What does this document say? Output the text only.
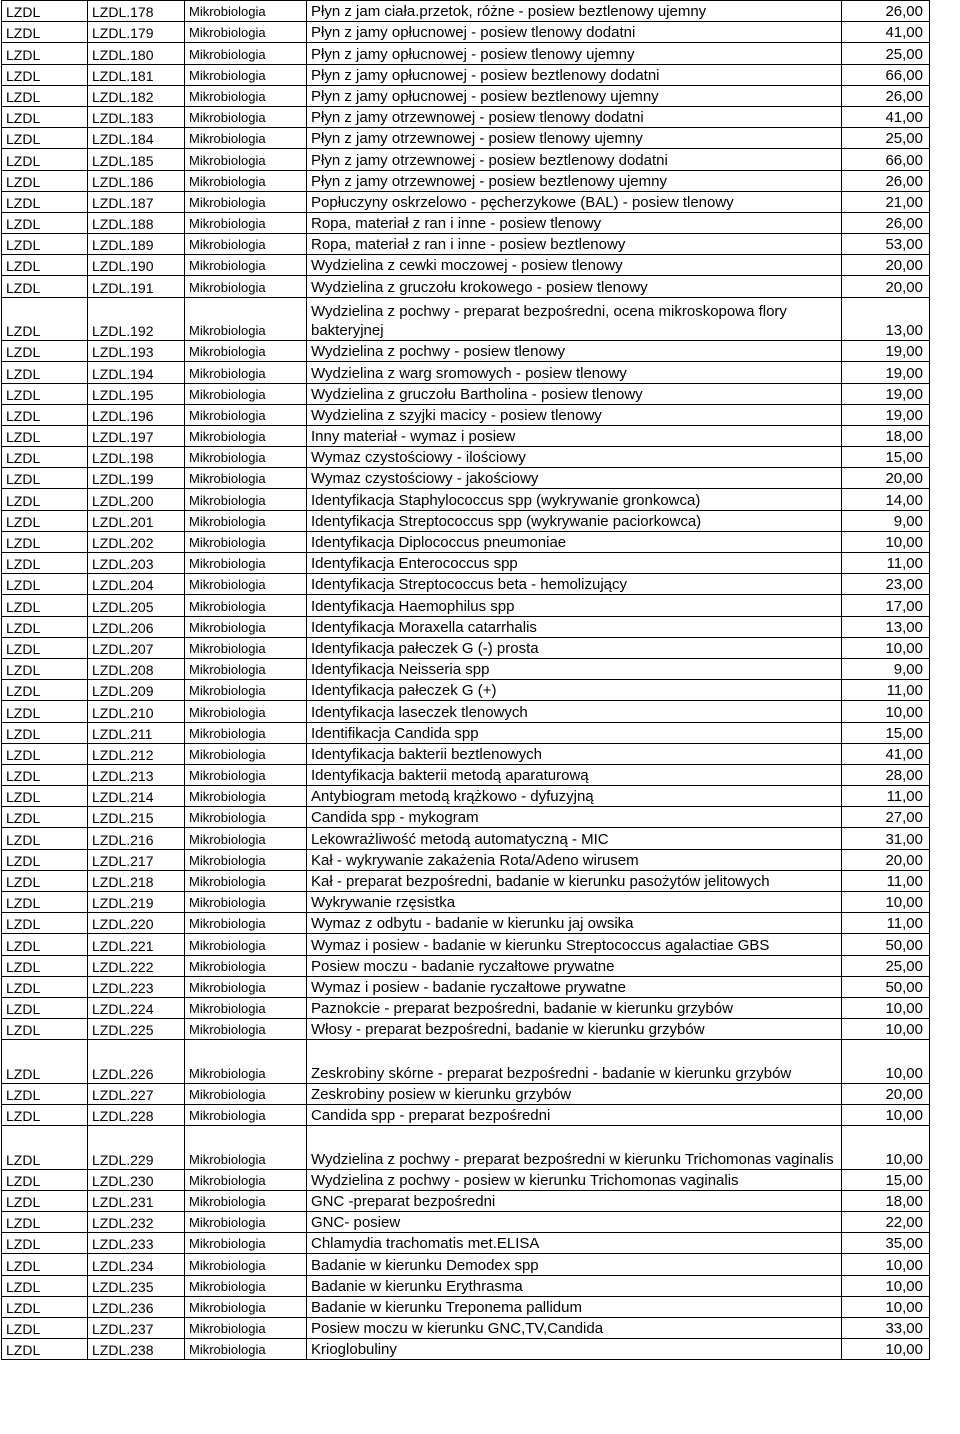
LZDL	LZDL.178	Mikrobiologia	Płyn z jam ciała.przetok, różne - posiew beztlenowy ujemny	26,00
LZDL	LZDL.179	Mikrobiologia	Płyn z jamy opłucnowej - posiew tlenowy dodatni	41,00
LZDL	LZDL.180	Mikrobiologia	Płyn z jamy opłucnowej - posiew tlenowy ujemny	25,00
LZDL	LZDL.181	Mikrobiologia	Płyn z jamy opłucnowej - posiew beztlenowy dodatni	66,00
LZDL	LZDL.182	Mikrobiologia	Płyn z jamy opłucnowej - posiew beztlenowy ujemny	26,00
LZDL	LZDL.183	Mikrobiologia	Płyn z jamy otrzewnowej - posiew tlenowy dodatni	41,00
LZDL	LZDL.184	Mikrobiologia	Płyn z jamy otrzewnowej - posiew tlenowy ujemny	25,00
LZDL	LZDL.185	Mikrobiologia	Płyn z jamy otrzewnowej - posiew beztlenowy dodatni	66,00
LZDL	LZDL.186	Mikrobiologia	Płyn z jamy otrzewnowej - posiew beztlenowy ujemny	26,00
LZDL	LZDL.187	Mikrobiologia	Popłuczyny oskrzelowo - pęcherzykowe (BAL) - posiew tlenowy	21,00
LZDL	LZDL.188	Mikrobiologia	Ropa, materiał z ran i inne - posiew tlenowy	26,00
LZDL	LZDL.189	Mikrobiologia	Ropa, materiał z ran i inne - posiew beztlenowy	53,00
LZDL	LZDL.190	Mikrobiologia	Wydzielina z cewki moczowej - posiew tlenowy	20,00
LZDL	LZDL.191	Mikrobiologia	Wydzielina z gruczołu krokowego - posiew tlenowy	20,00
LZDL	LZDL.192	Mikrobiologia	Wydzielina z pochwy - preparat bezpośredni, ocena mikroskopowa flory bakteryjnej	13,00
LZDL	LZDL.193	Mikrobiologia	Wydzielina z pochwy - posiew tlenowy	19,00
LZDL	LZDL.194	Mikrobiologia	Wydzielina z warg sromowych - posiew tlenowy	19,00
LZDL	LZDL.195	Mikrobiologia	Wydzielina z gruczołu Bartholina - posiew tlenowy	19,00
LZDL	LZDL.196	Mikrobiologia	Wydzielina z szyjki macicy - posiew tlenowy	19,00
LZDL	LZDL.197	Mikrobiologia	Inny materiał - wymaz i posiew	18,00
LZDL	LZDL.198	Mikrobiologia	Wymaz czystościowy - ilościowy	15,00
LZDL	LZDL.199	Mikrobiologia	Wymaz czystościowy - jakościowy	20,00
LZDL	LZDL.200	Mikrobiologia	Identyfikacja Staphylococcus spp (wykrywanie gronkowca)	14,00
LZDL	LZDL.201	Mikrobiologia	Identyfikacja Streptococcus spp (wykrywanie paciorkowca)	9,00
LZDL	LZDL.202	Mikrobiologia	Identyfikacja Diplococcus pneumoniae	10,00
LZDL	LZDL.203	Mikrobiologia	Identyfikacja Enterococcus spp	11,00
LZDL	LZDL.204	Mikrobiologia	Identyfikacja Streptococcus beta - hemolizujący	23,00
LZDL	LZDL.205	Mikrobiologia	Identyfikacja Haemophilus spp	17,00
LZDL	LZDL.206	Mikrobiologia	Identyfikacja Moraxella catarrhalis	13,00
LZDL	LZDL.207	Mikrobiologia	Identyfikacja pałeczek G (-) prosta	10,00
LZDL	LZDL.208	Mikrobiologia	Identyfikacja Neisseria spp	9,00
LZDL	LZDL.209	Mikrobiologia	Identyfikacja pałeczek G (+)	11,00
LZDL	LZDL.210	Mikrobiologia	Identyfikacja laseczek tlenowych	10,00
LZDL	LZDL.211	Mikrobiologia	Identifikacja Candida spp	15,00
LZDL	LZDL.212	Mikrobiologia	Identyfikacja bakterii beztlenowych	41,00
LZDL	LZDL.213	Mikrobiologia	Identyfikacja bakterii metodą aparaturową	28,00
LZDL	LZDL.214	Mikrobiologia	Antybiogram metodą krążkowo - dyfuzyjną	11,00
LZDL	LZDL.215	Mikrobiologia	Candida spp - mykogram	27,00
LZDL	LZDL.216	Mikrobiologia	Lekowrażliwość metodą automatyczną - MIC	31,00
LZDL	LZDL.217	Mikrobiologia	Kał - wykrywanie zakażenia Rota/Adeno wirusem	20,00
LZDL	LZDL.218	Mikrobiologia	Kał - preparat bezpośredni, badanie w kierunku pasożytów jelitowych	11,00
LZDL	LZDL.219	Mikrobiologia	Wykrywanie rzęsistka	10,00
LZDL	LZDL.220	Mikrobiologia	Wymaz z odbytu - badanie w kierunku jaj owsika	11,00
LZDL	LZDL.221	Mikrobiologia	Wymaz i posiew - badanie w kierunku Streptococcus agalactiae GBS	50,00
LZDL	LZDL.222	Mikrobiologia	Posiew moczu - badanie ryczałtowe prywatne	25,00
LZDL	LZDL.223	Mikrobiologia	Wymaz i posiew - badanie ryczałtowe prywatne	50,00
LZDL	LZDL.224	Mikrobiologia	Paznokcie - preparat bezpośredni, badanie w kierunku grzybów	10,00
LZDL	LZDL.225	Mikrobiologia	Włosy - preparat bezpośredni, badanie w kierunku grzybów	10,00
LZDL	LZDL.226	Mikrobiologia	Zeskrobiny skórne - preparat bezpośredni - badanie w kierunku grzybów	10,00
LZDL	LZDL.227	Mikrobiologia	Zeskrobiny posiew w kierunku grzybów	20,00
LZDL	LZDL.228	Mikrobiologia	Candida spp - preparat bezpośredni	10,00
LZDL	LZDL.229	Mikrobiologia	Wydzielina z pochwy - preparat bezpośredni w kierunku Trichomonas vaginalis	10,00
LZDL	LZDL.230	Mikrobiologia	Wydzielina z pochwy - posiew w kierunku Trichomonas vaginalis	15,00
LZDL	LZDL.231	Mikrobiologia	GNC -preparat bezpośredni	18,00
LZDL	LZDL.232	Mikrobiologia	GNC- posiew	22,00
LZDL	LZDL.233	Mikrobiologia	Chlamydia trachomatis met.ELISA	35,00
LZDL	LZDL.234	Mikrobiologia	Badanie w kierunku Demodex spp	10,00
LZDL	LZDL.235	Mikrobiologia	Badanie w kierunku Erythrasma	10,00
LZDL	LZDL.236	Mikrobiologia	Badanie w kierunku Treponema pallidum	10,00
LZDL	LZDL.237	Mikrobiologia	Posiew moczu w kierunku GNC,TV,Candida	33,00
LZDL	LZDL.238	Mikrobiologia	Krioglobuliny	10,00
